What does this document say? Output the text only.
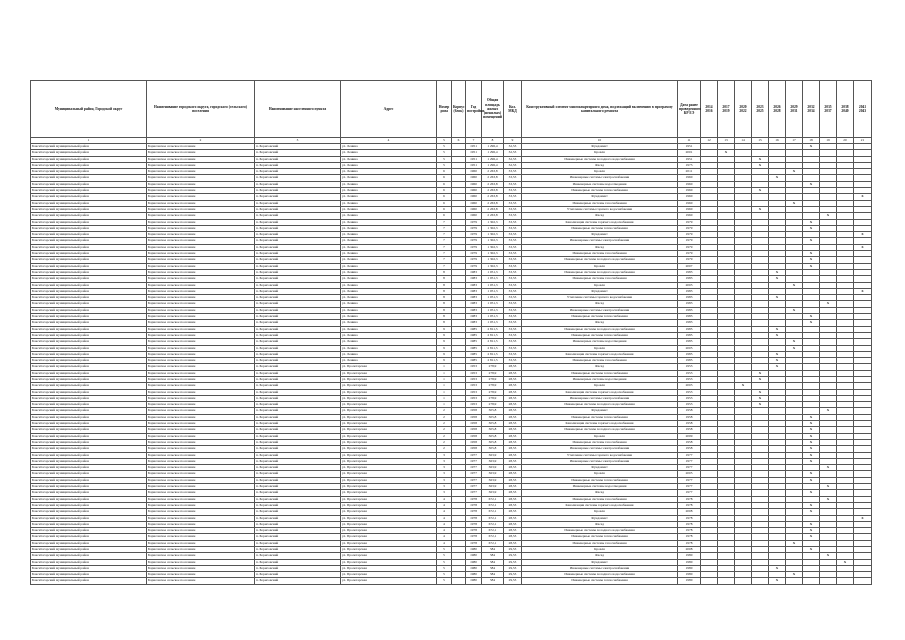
Муниципальный район, Городской округ	Наименование городского округа, городского (сельского) поселения	Наименование населенного пункта	Адрес	Номер дома	Корпус (блок)	Год постройки	Общая площадь жилых (нежилых) помещений	Кол. МКД	Конструктивный элемент многоквартирного дома, подлежащий включению в программу капитального ремонта	Дата ранее проведенного КР ЕЭ	2014 2016	2017 2019	2020 2022	2023 2025	2026 2028	2029 2031	2032 2034	2035 2037	2038 2040	2041 2043
1	2	3	4	5	6	7	8	9	10	11	12	13	14	15	16	17	18	19	20	21
Бокситогорский муниципальный район	Борисовское сельское поселение	п. Борисовский	ул. Ленина	5		1951	1 296,4	32,53	Фундамент	1951							X			
Бокситогорский муниципальный район	Борисовское сельское поселение	п. Борисовский	ул. Ленина	5		1951	1 296,4	32,53	Кровля	2001		X								
Бокситогорский муниципальный район	Борисовское сельское поселение	п. Борисовский	ул. Ленина	5		1951	1 296,4	32,53	Инженерные системы холодного водоснабжения	1951				X						
Бокситогорский муниципальный район	Борисовское сельское поселение	п. Борисовский	ул. Ленина	5		1951	1 296,4	32,53	Фасад	1973				X						
Бокситогорский муниципальный район	Борисовское сельское поселение	п. Борисовский	ул. Ленина	6		1960	2 263,8	33,53	Кровля	2011						X				
Бокситогорский муниципальный район	Борисовское сельское поселение	п. Борисовский	ул. Ленина	6		1960	2 263,8	33,53	Инженерные системы электроснабжения	1960					X					
Бокситогорский муниципальный район	Борисовское сельское поселение	п. Борисовский	ул. Ленина	6		1960	2 263,8	33,53	Инженерные системы водоотведения	1960							X			
Бокситогорский муниципальный район	Борисовское сельское поселение	п. Борисовский	ул. Ленина	6		1960	2 263,8	33,53	Инженерные системы теплоснабжения	1960				X						
Бокситогорский муниципальный район	Борисовское сельское поселение	п. Борисовский	ул. Ленина	6		1960	2 263,8	33,53	Фундамент	1960										X
Бокситогорский муниципальный район	Борисовское сельское поселение	п. Борисовский	ул. Ленина	6		1960	2 263,8	33,53	Инженерные системы газоснабжения	1960						X				
Бокситогорский муниципальный район	Борисовское сельское поселение	п. Борисовский	ул. Ленина	6		1960	2 263,8	33,53	Утепление системы горячего водоснабжения	1960				X						
Бокситогорский муниципальный район	Борисовское сельское поселение	п. Борисовский	ул. Ленина	6		1960	2 263,8	33,53	Фасад	1960								X		
Бокситогорский муниципальный район	Борисовское сельское поселение	п. Борисовский	ул. Ленина	7		1979	1 302,3	33,53	Канализация системы горячего водоснабжения	1979							X			
Бокситогорский муниципальный район	Борисовское сельское поселение	п. Борисовский	ул. Ленина	7		1979	1 302,3	33,53	Инженерные системы теплоснабжения	1979							X			
Бокситогорский муниципальный район	Борисовское сельское поселение	п. Борисовский	ул. Ленина	7		1979	1 302,3	33,53	Фундамент	1979										X
Бокситогорский муниципальный район	Борисовское сельское поселение	п. Борисовский	ул. Ленина	7		1979	1 302,3	33,53	Инженерные системы электроснабжения	1979							X			
Бокситогорский муниципальный район	Борисовское сельское поселение	п. Борисовский	ул. Ленина	7		1979	1 302,3	33,53	Фасад	1979										X
Бокситогорский муниципальный район	Борисовское сельское поселение	п. Борисовский	ул. Ленина	7		1979	1 302,3	33,53	Инженерные системы газоснабжения	1979							X			
Бокситогорский муниципальный район	Борисовское сельское поселение	п. Борисовский	ул. Ленина	7		1979	1 302,3	33,53	Инженерные системы холодного водоснабжения	1979							X			
Бокситогорский муниципальный район	Борисовское сельское поселение	п. Борисовский	ул. Ленина	7		1979	1 302,3	33,53	Кровля	2007							X			
Бокситогорский муниципальный район	Борисовское сельское поселение	п. Борисовский	ул. Ленина	8		1983	1 051,3	33,53	Инженерные системы холодного водоснабжения	1983					X					
Бокситогорский муниципальный район	Борисовское сельское поселение	п. Борисовский	ул. Ленина	8		1983	1 051,3	33,53	Инженерные системы газоснабжения	1983					X					
Бокситогорский муниципальный район	Борисовское сельское поселение	п. Борисовский	ул. Ленина	8		1983	1 051,3	33,53	Кровля	2003						X				
Бокситогорский муниципальный район	Борисовское сельское поселение	п. Борисовский	ул. Ленина	8		1983	1 051,3	33,53	Фундамент	1983										X
Бокситогорский муниципальный район	Борисовское сельское поселение	п. Борисовский	ул. Ленина	8		1983	1 051,3	33,53	Утепление системы горячего водоснабжения	1983					X					
Бокситогорский муниципальный район	Борисовское сельское поселение	п. Борисовский	ул. Ленина	8		1983	1 051,3	33,53	Фасад	1983								X		
Бокситогорский муниципальный район	Борисовское сельское поселение	п. Борисовский	ул. Ленина	8		1983	1 051,3	33,53	Инженерные системы электроснабжения	1983						X				
Бокситогорский муниципальный район	Борисовское сельское поселение	п. Борисовский	ул. Ленина	8		1983	1 051,3	33,53	Инженерные системы теплоснабжения	1983							X			
Бокситогорский муниципальный район	Борисовское сельское поселение	п. Борисовский	ул. Ленина	8		1983	1 051,3	33,53	Фасад	1983							X			
Бокситогорский муниципальный район	Борисовское сельское поселение	п. Борисовский	ул. Ленина	9		1985	2 811,5	33,53	Инженерные системы холодного водоснабжения	1985					X					
Бокситогорский муниципальный район	Борисовское сельское поселение	п. Борисовский	ул. Ленина	9		1985	2 811,5	33,53	Инженерные системы теплоснабжения	1985					X					
Бокситогорский муниципальный район	Борисовское сельское поселение	п. Борисовский	ул. Ленина	9		1985	2 811,5	33,53	Инженерные системы водоотведения	1985						X				
Бокситогорский муниципальный район	Борисовское сельское поселение	п. Борисовский	ул. Ленина	9		1985	2 811,5	33,53	Кровля	2005						X				
Бокситогорский муниципальный район	Борисовское сельское поселение	п. Борисовский	ул. Ленина	9		1985	2 811,5	33,53	Канализация системы горячего водоснабжения	1985					X					
Бокситогорский муниципальный район	Борисовское сельское поселение	п. Борисовский	ул. Ленина	9		1985	2 811,5	33,53	Инженерные системы газоснабжения	1985					X					
Бокситогорский муниципальный район	Борисовское сельское поселение	п. Борисовский	ул. Пролетарская	1		1953	278,9	28,53	Фасад	1953					X					
Бокситогорский муниципальный район	Борисовское сельское поселение	п. Борисовский	ул. Пролетарская	1		1953	278,9	28,53	Инженерные системы теплоснабжения	1953				X						
Бокситогорский муниципальный район	Борисовское сельское поселение	п. Борисовский	ул. Пролетарская	1		1953	278,9	28,53	Инженерные системы водоотведения	1953				X						
Бокситогорский муниципальный район	Борисовское сельское поселение	п. Борисовский	ул. Пролетарская	1		1953	278,9	28,53	Кровля	2003			X							
Бокситогорский муниципальный район	Борисовское сельское поселение	п. Борисовский	ул. Пролетарская	1		1953	278,9	28,53	Канализация системы горячего водоснабжения	1953				X						
Бокситогорский муниципальный район	Борисовское сельское поселение	п. Борисовский	ул. Пролетарская	1		1953	278,9	28,53	Инженерные системы электроснабжения	1953				X						
Бокситогорский муниципальный район	Борисовское сельское поселение	п. Борисовский	ул. Пролетарская	1		1953	278,9	28,53	Инженерные системы холодного водоснабжения	1953				X						
Бокситогорский муниципальный район	Борисовское сельское поселение	п. Борисовский	ул. Пролетарская	2		1958	305,8	28,53	Фундамент	1958								X		
Бокситогорский муниципальный район	Борисовское сельское поселение	п. Борисовский	ул. Пролетарская	2		1958	305,8	28,53	Инженерные системы теплоснабжения	1958							X			
Бокситогорский муниципальный район	Борисовское сельское поселение	п. Борисовский	ул. Пролетарская	2		1958	305,8	28,53	Канализация системы горячего водоснабжения	1958							X			
Бокситогорский муниципальный район	Борисовское сельское поселение	п. Борисовский	ул. Пролетарская	2		1958	305,8	28,53	Инженерные системы холодного водоснабжения	1958							X			
Бокситогорский муниципальный район	Борисовское сельское поселение	п. Борисовский	ул. Пролетарская	2		1958	305,8	28,53	Кровля	2009							X			
Бокситогорский муниципальный район	Борисовское сельское поселение	п. Борисовский	ул. Пролетарская	2		1958	305,8	28,53	Инженерные системы газоснабжения	1958							X			
Бокситогорский муниципальный район	Борисовское сельское поселение	п. Борисовский	ул. Пролетарская	2		1958	305,8	28,53	Инженерные системы электроснабжения	1958							X			
Бокситогорский муниципальный район	Борисовское сельское поселение	п. Борисовский	ул. Пролетарская	3		1977	363,9	28,53	Утепление системы горячего водоснабжения	1977							X			
Бокситогорский муниципальный район	Борисовское сельское поселение	п. Борисовский	ул. Пролетарская	3		1977	363,9	28,53	Инженерные системы электроснабжения	1977							X			
Бокситогорский муниципальный район	Борисовское сельское поселение	п. Борисовский	ул. Пролетарская	3		1977	363,9	28,53	Фундамент	1977								X		
Бокситогорский муниципальный район	Борисовское сельское поселение	п. Борисовский	ул. Пролетарская	3		1977	363,9	28,53	Кровля	2005							X			
Бокситогорский муниципальный район	Борисовское сельское поселение	п. Борисовский	ул. Пролетарская	3		1977	363,9	28,53	Инженерные системы теплоснабжения	1977							X			
Бокситогорский муниципальный район	Борисовское сельское поселение	п. Борисовский	ул. Пролетарская	3		1977	363,9	28,53	Инженерные системы водоотведения	1977								X		
Бокситогорский муниципальный район	Борисовское сельское поселение	п. Борисовский	ул. Пролетарская	3		1977	363,9	28,53	Фасад	1977							X			
Бокситогорский муниципальный район	Борисовское сельское поселение	п. Борисовский	ул. Пролетарская	4		1978	672,1	28,53	Инженерные системы газоснабжения	1978								X		
Бокситогорский муниципальный район	Борисовское сельское поселение	п. Борисовский	ул. Пролетарская	4		1978	672,1	28,53	Канализация системы горячего водоснабжения	1978							X			
Бокситогорский муниципальный район	Борисовское сельское поселение	п. Борисовский	ул. Пролетарская	4		1978	672,1	28,53	Кровля	2008							X			
Бокситогорский муниципальный район	Борисовское сельское поселение	п. Борисовский	ул. Пролетарская	4		1978	672,1	28,53	Фундамент	1978										X
Бокситогорский муниципальный район	Борисовское сельское поселение	п. Борисовский	ул. Пролетарская	4		1978	672,1	28,53	Фасад	1978							X			
Бокситогорский муниципальный район	Борисовское сельское поселение	п. Борисовский	ул. Пролетарская	4		1978	672,1	28,53	Инженерные системы холодного водоснабжения	1978							X			
Бокситогорский муниципальный район	Борисовское сельское поселение	п. Борисовский	ул. Пролетарская	4		1978	672,1	28,53	Инженерные системы теплоснабжения	1978							X			
Бокситогорский муниципальный район	Борисовское сельское поселение	п. Борисовский	ул. Пролетарская	4		1978	672,1	28,53	Инженерные системы газоснабжения	1978						X				
Бокситогорский муниципальный район	Борисовское сельское поселение	п. Борисовский	ул. Пролетарская	5		1980	584	29,53	Кровля	2008							X			
Бокситогорский муниципальный район	Борисовское сельское поселение	п. Борисовский	ул. Пролетарская	5		1980	584	29,53	Фасад	1980								X		
Бокситогорский муниципальный район	Борисовское сельское поселение	п. Борисовский	ул. Пролетарская	5		1980	584	29,53	Фундамент	1980									X	
Бокситогорский муниципальный район	Борисовское сельское поселение	п. Борисовский	ул. Пролетарская	5		1980	584	29,53	Инженерные системы электроснабжения	1980					X					
Бокситогорский муниципальный район	Борисовское сельское поселение	п. Борисовский	ул. Пролетарская	5		1980	584	29,53	Инженерные системы холодного водоснабжения	1980						X				
Бокситогорский муниципальный район	Борисовское сельское поселение	п. Борисовский	ул. Пролетарская	5		1980	584	29,53	Инженерные системы теплоснабжения	1980					X					
